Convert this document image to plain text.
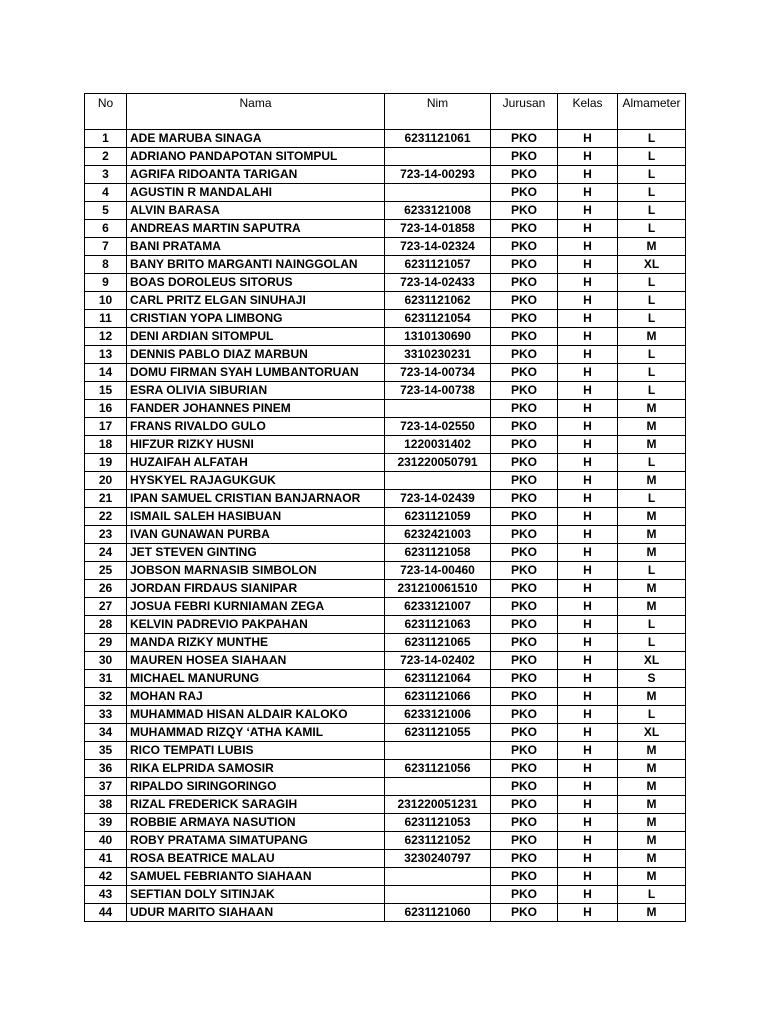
No	Nama	Nim	Jurusan	Kelas	Almameter
1	ADE MARUBA SINAGA	6231121061	PKO	H	L
2	ADRIANO PANDAPOTAN SITOMPUL		PKO	H	L
3	AGRIFA RIDOANTA TARIGAN	723-14-00293	PKO	H	L
4	AGUSTIN R MANDALAHI		PKO	H	L
5	ALVIN BARASA	6233121008	PKO	H	L
6	ANDREAS MARTIN SAPUTRA	723-14-01858	PKO	H	L
7	BANI PRATAMA	723-14-02324	PKO	H	M
8	BANY BRITO MARGANTI NAINGGOLAN	6231121057	PKO	H	XL
9	BOAS DOROLEUS SITORUS	723-14-02433	PKO	H	L
10	CARL PRITZ ELGAN SINUHAJI	6231121062	PKO	H	L
11	CRISTIAN YOPA LIMBONG	6231121054	PKO	H	L
12	DENI ARDIAN SITOMPUL	1310130690	PKO	H	M
13	DENNIS PABLO DIAZ MARBUN	3310230231	PKO	H	L
14	DOMU FIRMAN SYAH LUMBANTORUAN	723-14-00734	PKO	H	L
15	ESRA OLIVIA SIBURIAN	723-14-00738	PKO	H	L
16	FANDER JOHANNES PINEM		PKO	H	M
17	FRANS RIVALDO GULO	723-14-02550	PKO	H	M
18	HIFZUR RIZKY HUSNI	1220031402	PKO	H	M
19	HUZAIFAH ALFATAH	231220050791	PKO	H	L
20	HYSKYEL RAJAGUKGUK		PKO	H	M
21	IPAN SAMUEL CRISTIAN BANJARNAOR	723-14-02439	PKO	H	L
22	ISMAIL SALEH HASIBUAN	6231121059	PKO	H	M
23	IVAN GUNAWAN PURBA	6232421003	PKO	H	M
24	JET STEVEN GINTING	6231121058	PKO	H	M
25	JOBSON MARNASIB SIMBOLON	723-14-00460	PKO	H	L
26	JORDAN FIRDAUS SIANIPAR	231210061510	PKO	H	M
27	JOSUA FEBRI KURNIAMAN ZEGA	6233121007	PKO	H	M
28	KELVIN PADREVIO PAKPAHAN	6231121063	PKO	H	L
29	MANDA RIZKY MUNTHE	6231121065	PKO	H	L
30	MAUREN HOSEA SIAHAAN	723-14-02402	PKO	H	XL
31	MICHAEL MANURUNG	6231121064	PKO	H	S
32	MOHAN RAJ	6231121066	PKO	H	M
33	MUHAMMAD HISAN ALDAIR KALOKO	6233121006	PKO	H	L
34	MUHAMMAD RIZQY ‘ATHA KAMIL	6231121055	PKO	H	XL
35	RICO TEMPATI LUBIS		PKO	H	M
36	RIKA ELPRIDA SAMOSIR	6231121056	PKO	H	M
37	RIPALDO SIRINGORINGO		PKO	H	M
38	RIZAL FREDERICK SARAGIH	231220051231	PKO	H	M
39	ROBBIE ARMAYA NASUTION	6231121053	PKO	H	M
40	ROBY PRATAMA SIMATUPANG	6231121052	PKO	H	M
41	ROSA BEATRICE MALAU	3230240797	PKO	H	M
42	SAMUEL FEBRIANTO SIAHAAN		PKO	H	M
43	SEFTIAN DOLY SITINJAK		PKO	H	L
44	UDUR MARITO SIAHAAN	6231121060	PKO	H	M
